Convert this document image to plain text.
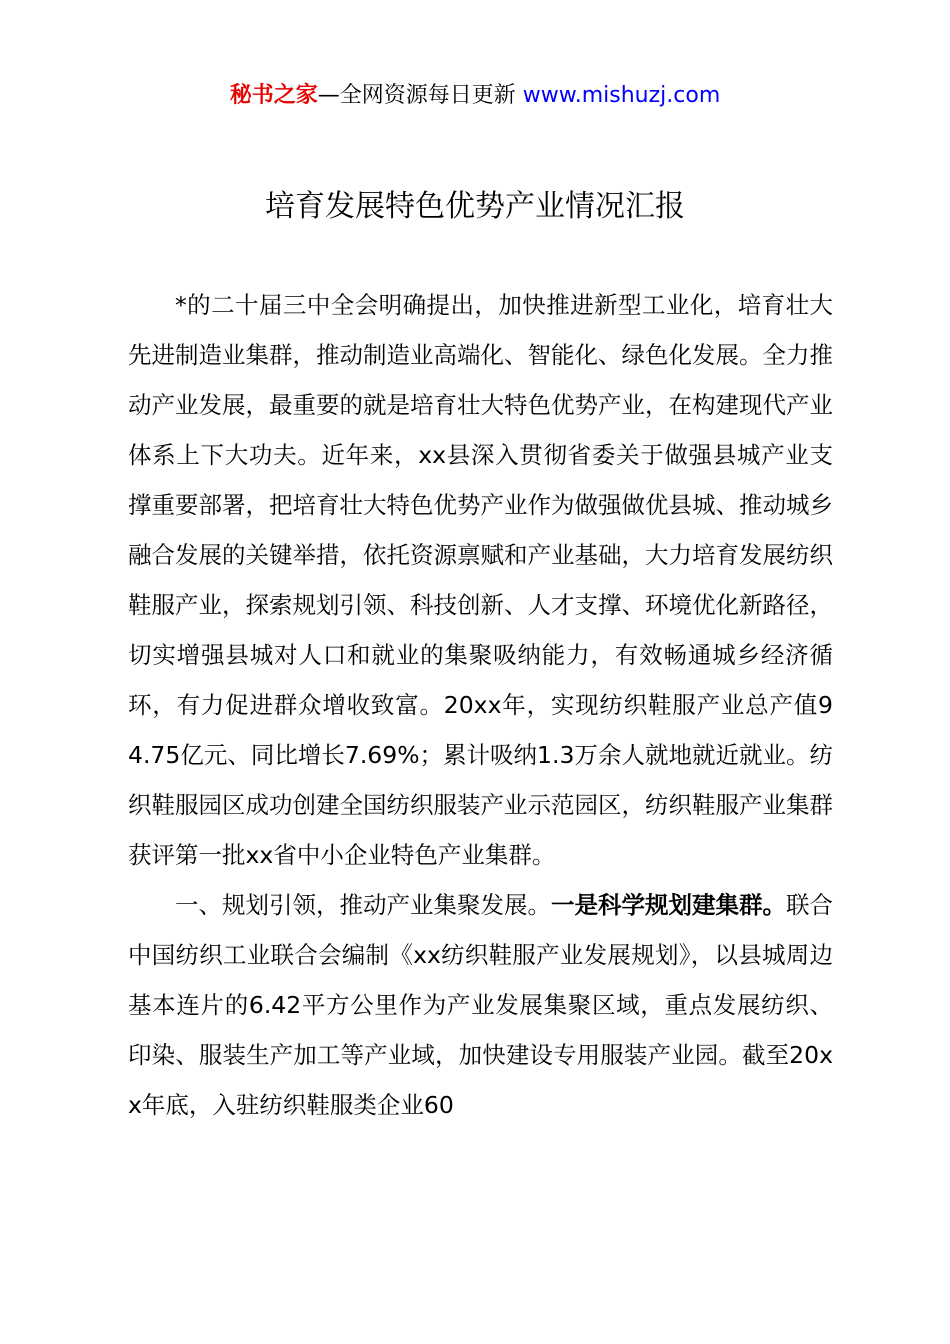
秘书之家—全网资源每日更新 www.mishuzj.com
培育发展特色优势产业情况汇报

*的二十届三中全会明确提出，加快推进新型工业化，培育壮大先进制造业集群，推动制造业高端化、智能化、绿色化发展。全力推动产业发展，最重要的就是培育壮大特色优势产业，在构建现代产业体系上下大功夫。近年来，xx县深入贯彻省委关于做强县城产业支撑重要部署，把培育壮大特色优势产业作为做强做优县城、推动城乡融合发展的关键举措，依托资源禀赋和产业基础，大力培育发展纺织鞋服产业，探索规划引领、科技创新、人才支撑、环境优化新路径，切实增强县城对人口和就业的集聚吸纳能力，有效畅通城乡经济循环，有力促进群众增收致富。20xx年，实现纺织鞋服产业总产值94.75亿元、同比增长7.69%；累计吸纳1.3万余人就地就近就业。纺织鞋服园区成功创建全国纺织服装产业示范园区，纺织鞋服产业集群获评第一批xx省中小企业特色产业集群。

一、规划引领，推动产业集聚发展。一是科学规划建集群。联合中国纺织工业联合会编制《xx纺织鞋服产业发展规划》，以县城周边基本连片的6.42平方公里作为产业发展集聚区域，重点发展纺织、印染、服装生产加工等产业域，加快建设专用服装产业园。截至20xx年底，入驻纺织鞋服类企业60
